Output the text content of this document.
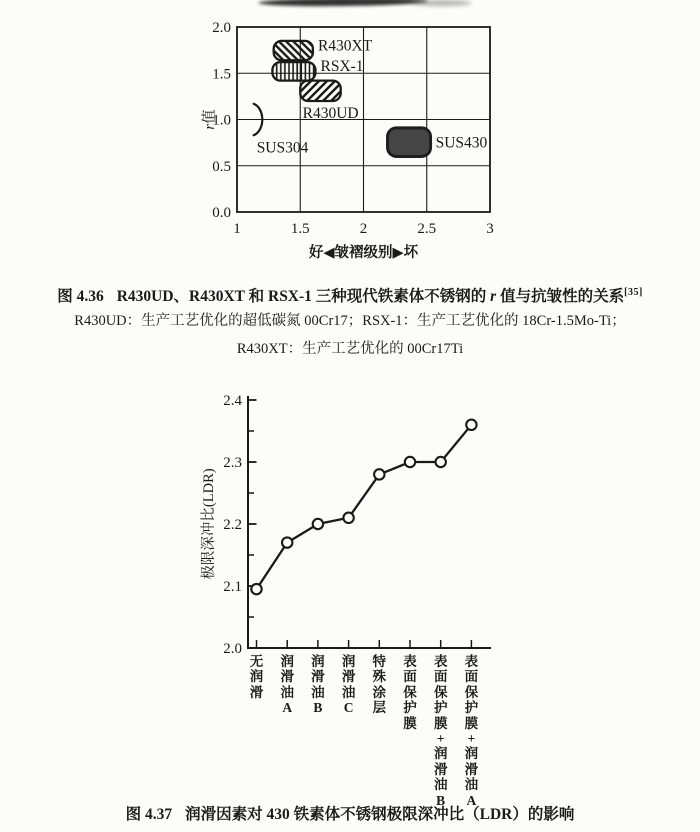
0.0
0.5
1.0
1.5
2.0
1	1.5	2	2.5	3
R430XT
RSX-1
R430UD
SUS304	SUS430
r值
好◀皱褶级别▶坏
图 4.36 R430UD、R430XT 和 RSX-1 三种现代铁素体不锈钢的 r 值与抗皱性的关系[35]
R430UD：生产工艺优化的超低碳氮 00Cr17；RSX-1：生产工艺优化的 18Cr-1.5Mo-Ti；
R430XT：生产工艺优化的 00Cr17Ti
2.0
2.1
2.2
2.3
2.4
极限深冲比(LDR)
无
润
滑
润
滑
油
A
润
滑
油
B
润
滑
油
C
特
殊
涂
层
表
面
保
护
膜
表
面
保
护
膜
+
润
滑
油
B
表
面
保
护
膜
+
润
滑
油
A
图 4.37 润滑因素对 430 铁素体不锈钢极限深冲比（LDR）的影响
